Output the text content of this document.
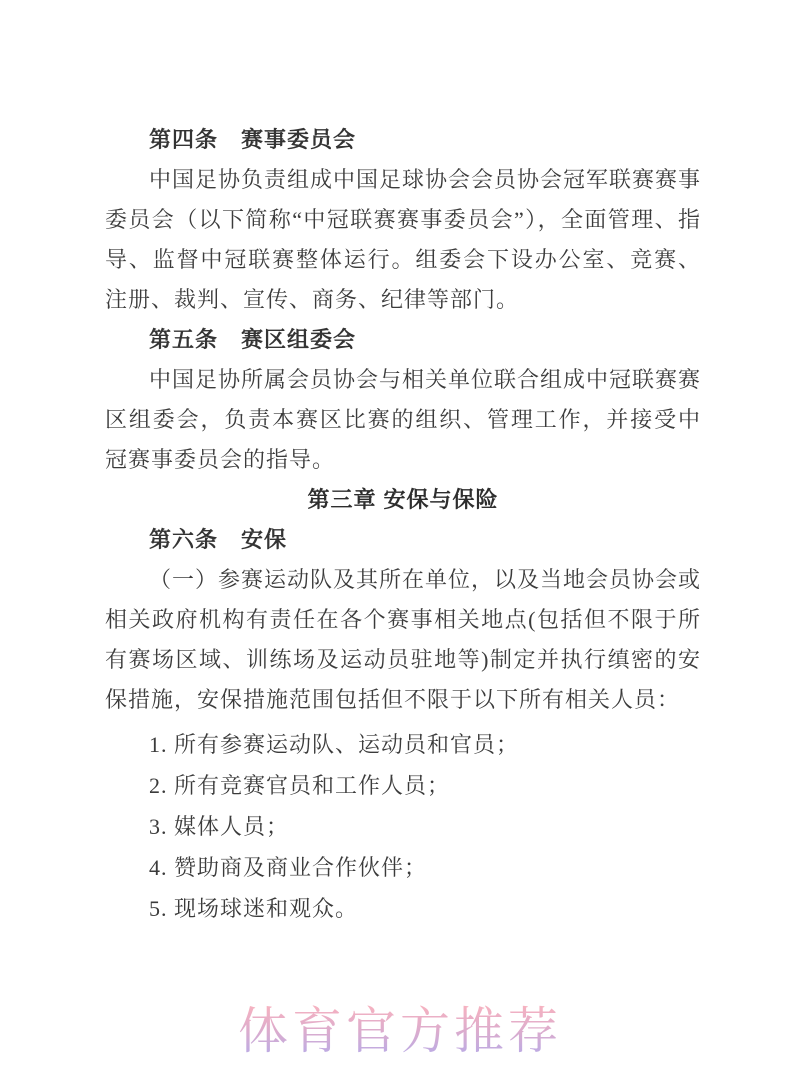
第四条　赛事委员会

中国足协负责组成中国足球协会会员协会冠军联赛赛事委员会（以下简称“中冠联赛赛事委员会”），全面管理、指导、监督中冠联赛整体运行。组委会下设办公室、竞赛、注册、裁判、宣传、商务、纪律等部门。

第五条　赛区组委会

中国足协所属会员协会与相关单位联合组成中冠联赛赛区组委会，负责本赛区比赛的组织、管理工作，并接受中冠赛事委员会的指导。

第三章 安保与保险

第六条　安保

（一）参赛运动队及其所在单位，以及当地会员协会或相关政府机构有责任在各个赛事相关地点(包括但不限于所有赛场区域、训练场及运动员驻地等)制定并执行缜密的安保措施，安保措施范围包括但不限于以下所有相关人员：

1. 所有参赛运动队、运动员和官员；

2. 所有竞赛官员和工作人员；

3. 媒体人员；

4. 赞助商及商业合作伙伴；

5. 现场球迷和观众。

体育官方推荐
